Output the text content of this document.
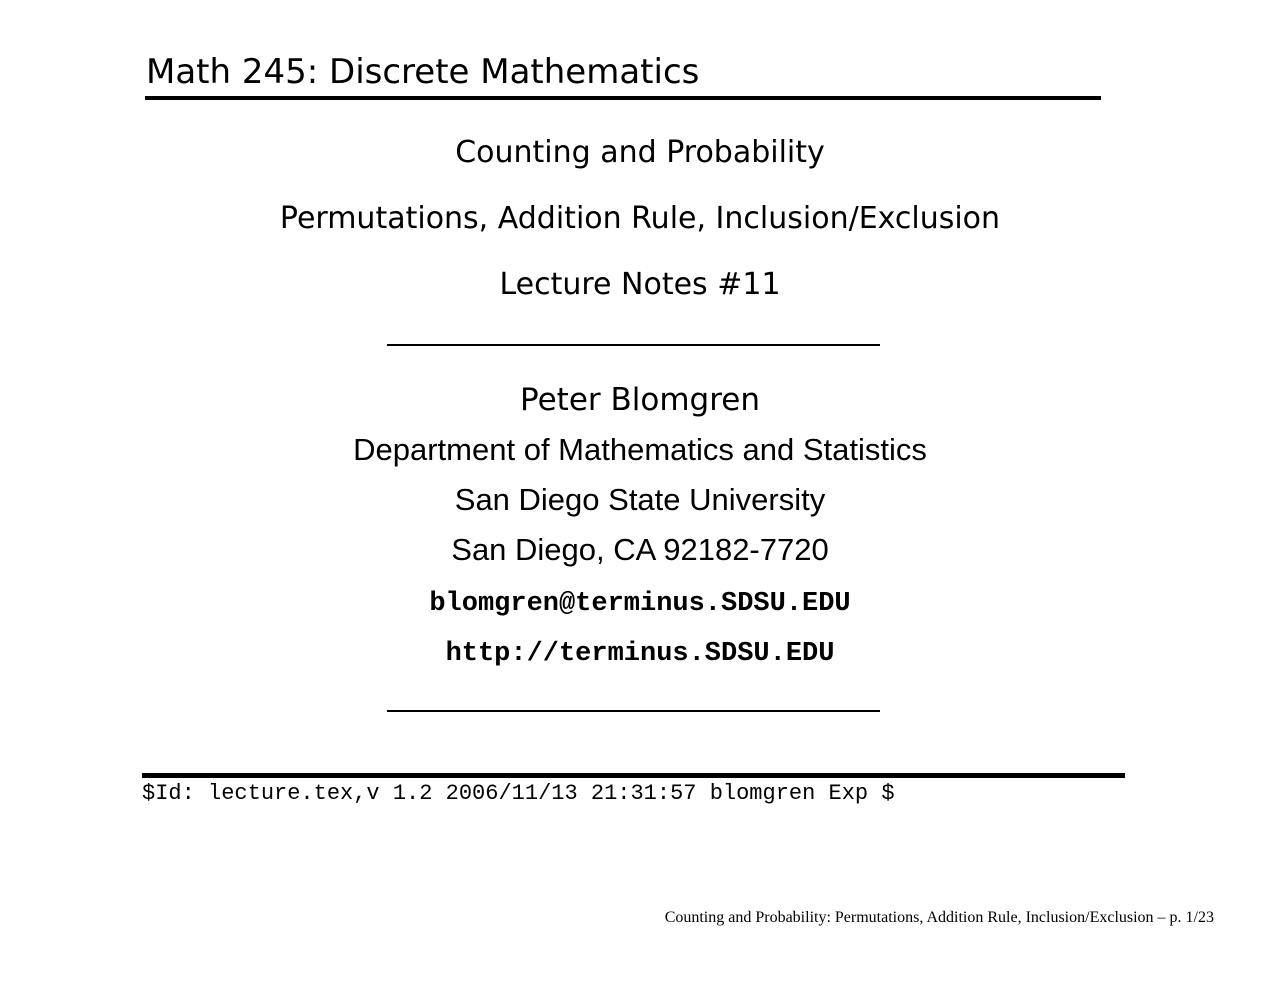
Math 245: Discrete Mathematics
Counting and Probability
Permutations, Addition Rule, Inclusion/Exclusion
Lecture Notes #11
Peter Blomgren
Department of Mathematics and Statistics
San Diego State University
San Diego, CA 92182-7720
blomgren@terminus.SDSU.EDU
http://terminus.SDSU.EDU
$Id: lecture.tex,v 1.2 2006/11/13 21:31:57 blomgren Exp $
Counting and Probability: Permutations, Addition Rule, Inclusion/Exclusion – p. 1/23
